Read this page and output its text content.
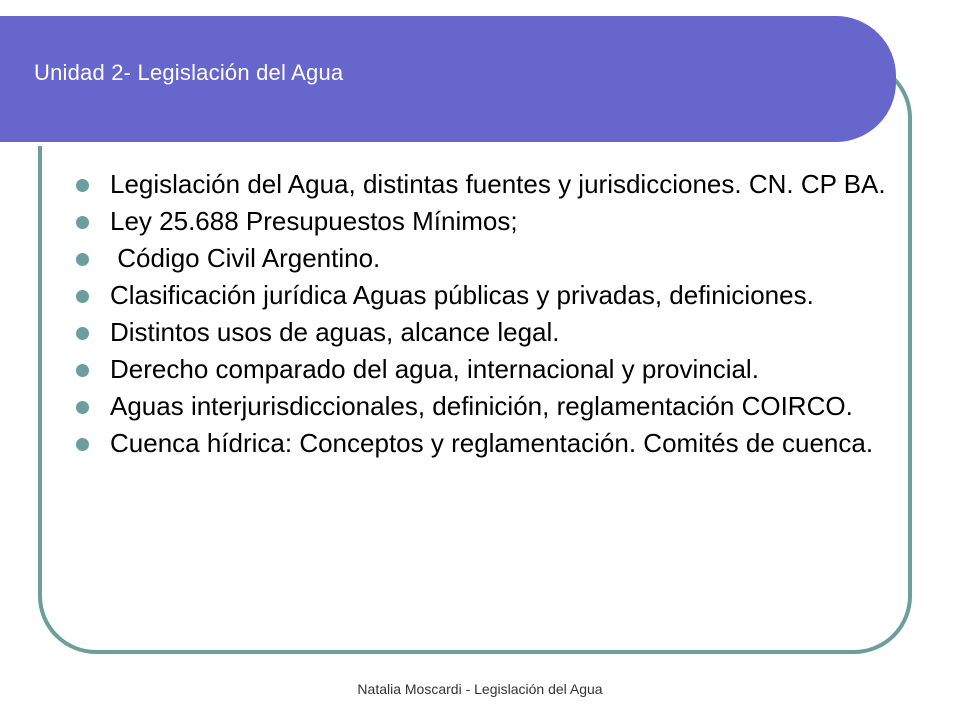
Unidad 2- Legislación del Agua
Legislación del Agua, distintas fuentes y jurisdicciones. CN. CP BA.
Ley 25.688 Presupuestos Mínimos;
Código Civil Argentino.
Clasificación jurídica Aguas públicas y privadas, definiciones.
Distintos usos de aguas, alcance legal.
Derecho comparado del agua, internacional y provincial.
Aguas interjurisdiccionales, definición, reglamentación COIRCO.
Cuenca hídrica: Conceptos y reglamentación. Comités de cuenca.
Natalia Moscardi - Legislación del Agua
